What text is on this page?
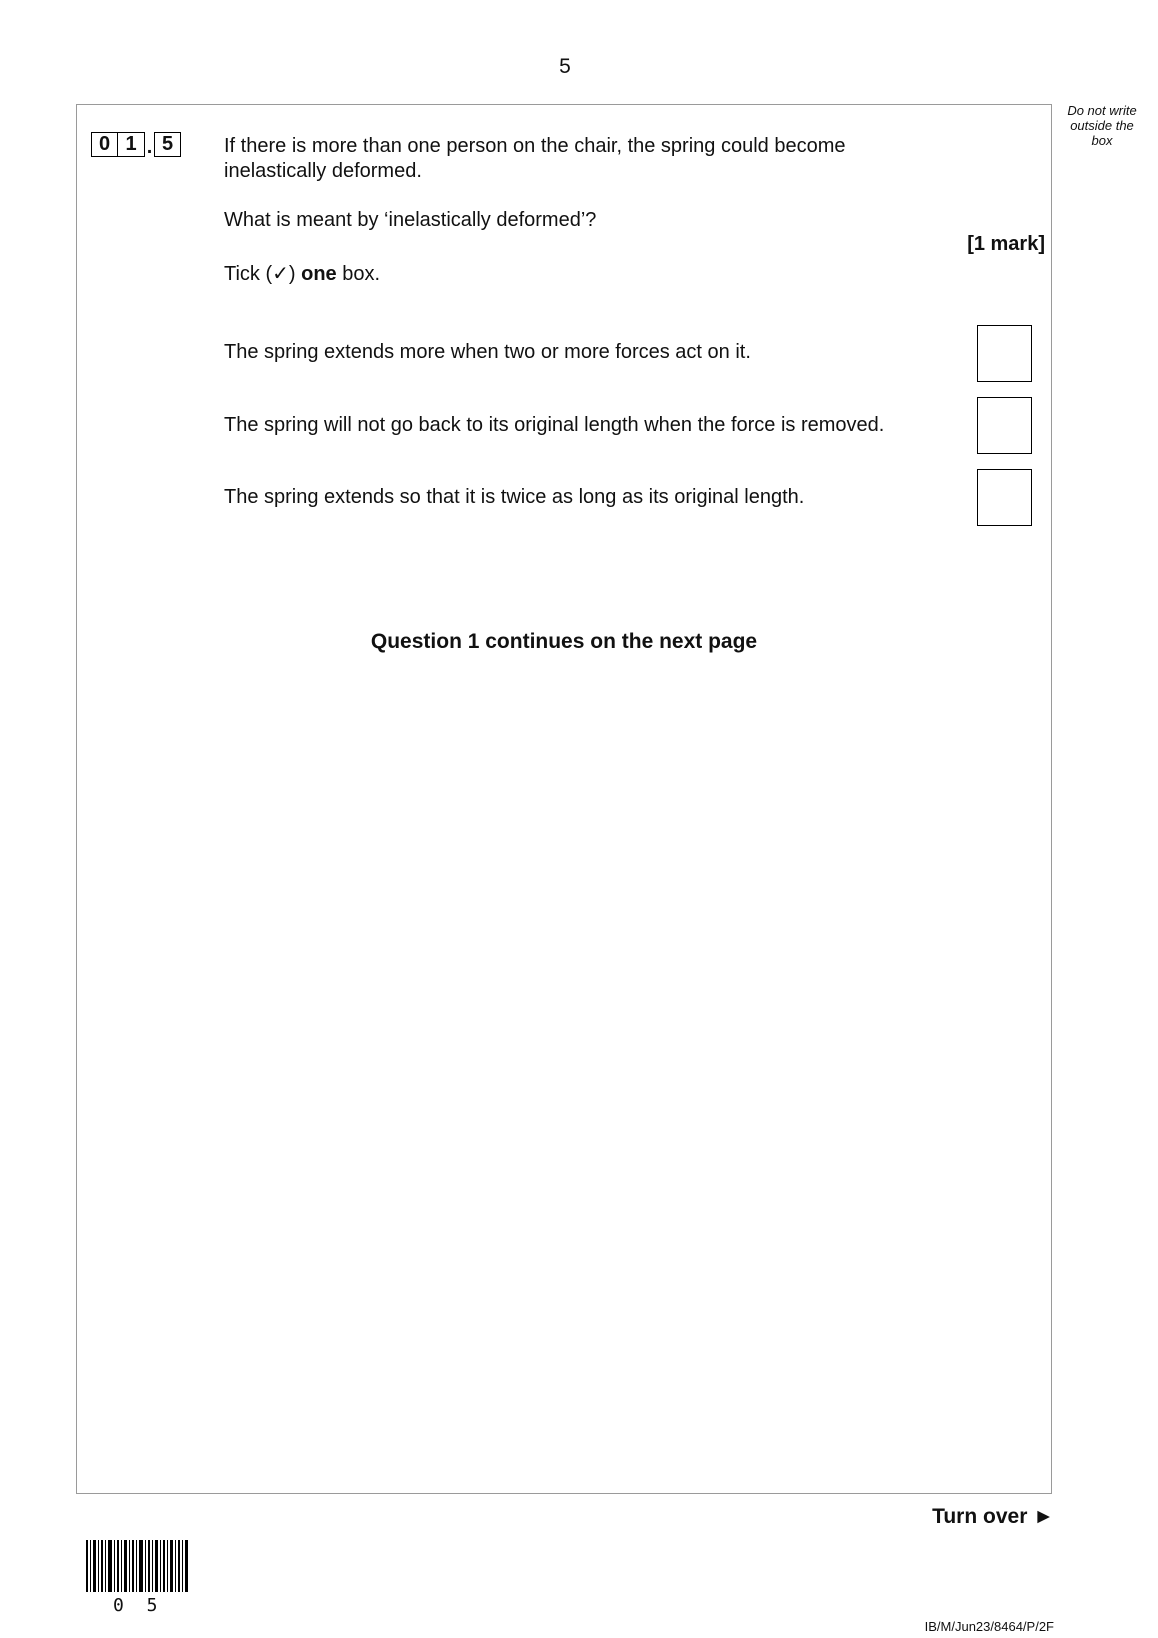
5
Do not write
outside the
box
0 1 . 5	If there is more than one person on the chair, the spring could become inelastically deformed.
What is meant by ‘inelastically deformed’?
[1 mark]
Tick (✓) one box.
The spring extends more when two or more forces act on it.
The spring will not go back to its original length when the force is removed.
The spring extends so that it is twice as long as its original length.
Question 1 continues on the next page
Turn over ►
0 5
IB/M/Jun23/8464/P/2F
